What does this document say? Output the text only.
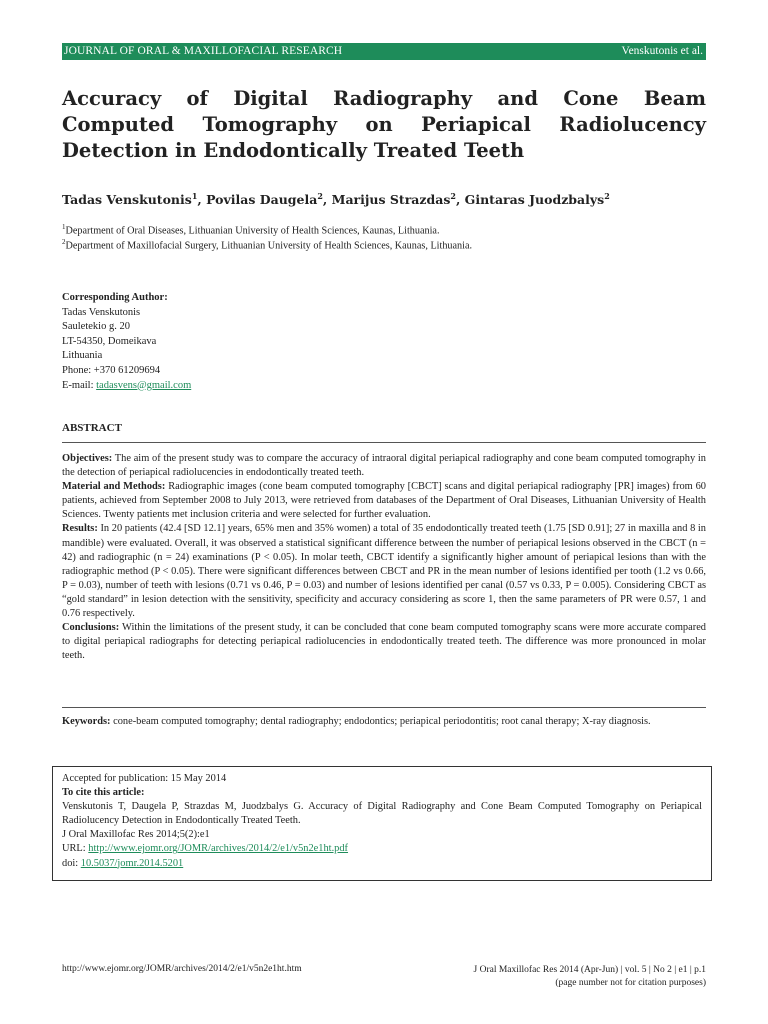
JOURNAL OF ORAL & MAXILLOFACIAL RESEARCH	Venskutonis et al.
Accuracy of Digital Radiography and Cone Beam Computed Tomography on Periapical Radiolucency Detection in Endodontically Treated Teeth
Tadas Venskutonis$^1$, Povilas Daugela$^2$, Marijus Strazdas$^2$, Gintaras Juodzbalys$^2$
$^1$Department of Oral Diseases, Lithuanian University of Health Sciences, Kaunas, Lithuania.
$^2$Department of Maxillofacial Surgery, Lithuanian University of Health Sciences, Kaunas, Lithuania.
Corresponding Author:
Tadas Venskutonis
Sauletekio g. 20
LT-54350, Domeikava
Lithuania
Phone: +370 61209694
E-mail: tadasvens@gmail.com
ABSTRACT

Objectives: The aim of the present study was to compare the accuracy of intraoral digital periapical radiography and cone beam computed tomography in the detection of periapical radiolucencies in endodontically treated teeth.

Material and Methods: Radiographic images (cone beam computed tomography [CBCT] scans and digital periapical radiography [PR] images) from 60 patients, achieved from September 2008 to July 2013, were retrieved from databases of the Department of Oral Diseases, Lithuanian University of Health Sciences. Twenty patients met inclusion criteria and were selected for further evaluation.

Results: In 20 patients (42.4 [SD 12.1] years, 65% men and 35% women) a total of 35 endodontically treated teeth (1.75 [SD 0.91]; 27 in maxilla and 8 in mandible) were evaluated. Overall, it was observed a statistical significant difference between the number of periapical lesions observed in the CBCT (n = 42) and radiographic (n = 24) examinations (P < 0.05). In molar teeth, CBCT identify a significantly higher amount of periapical lesions than with the radiographic method (P < 0.05). There were significant differences between CBCT and PR in the mean number of lesions identified per tooth (1.2 vs 0.66, P = 0.03), number of teeth with lesions (0.71 vs 0.46, P = 0.03) and number of lesions identified per canal (0.57 vs 0.33, P = 0.005). Considering CBCT as “gold standard” in lesion detection with the sensitivity, specificity and accuracy considering as score 1, then the same parameters of PR were 0.57, 1 and 0.76 respectively.

Conclusions: Within the limitations of the present study, it can be concluded that cone beam computed tomography scans were more accurate compared to digital periapical radiographs for detecting periapical radiolucencies in endodontically treated teeth. The difference was more pronounced in molar teeth.

Keywords: cone-beam computed tomography; dental radiography; endodontics; periapical periodontitis; root canal therapy; X-ray diagnosis.
Accepted for publication: 15 May 2014
To cite this article:
Venskutonis T, Daugela P, Strazdas M, Juodzbalys G. Accuracy of Digital Radiography and Cone Beam Computed Tomography on Periapical Radiolucency Detection in Endodontically Treated Teeth.
J Oral Maxillofac Res 2014;5(2):e1
URL: http://www.ejomr.org/JOMR/archives/2014/2/e1/v5n2e1ht.pdf
doi: 10.5037/jomr.2014.5201
http://www.ejomr.org/JOMR/archives/2014/2/e1/v5n2e1ht.htm	J Oral Maxillofac Res 2014 (Apr-Jun) | vol. 5 | No 2 | e1 | p.1
(page number not for citation purposes)
